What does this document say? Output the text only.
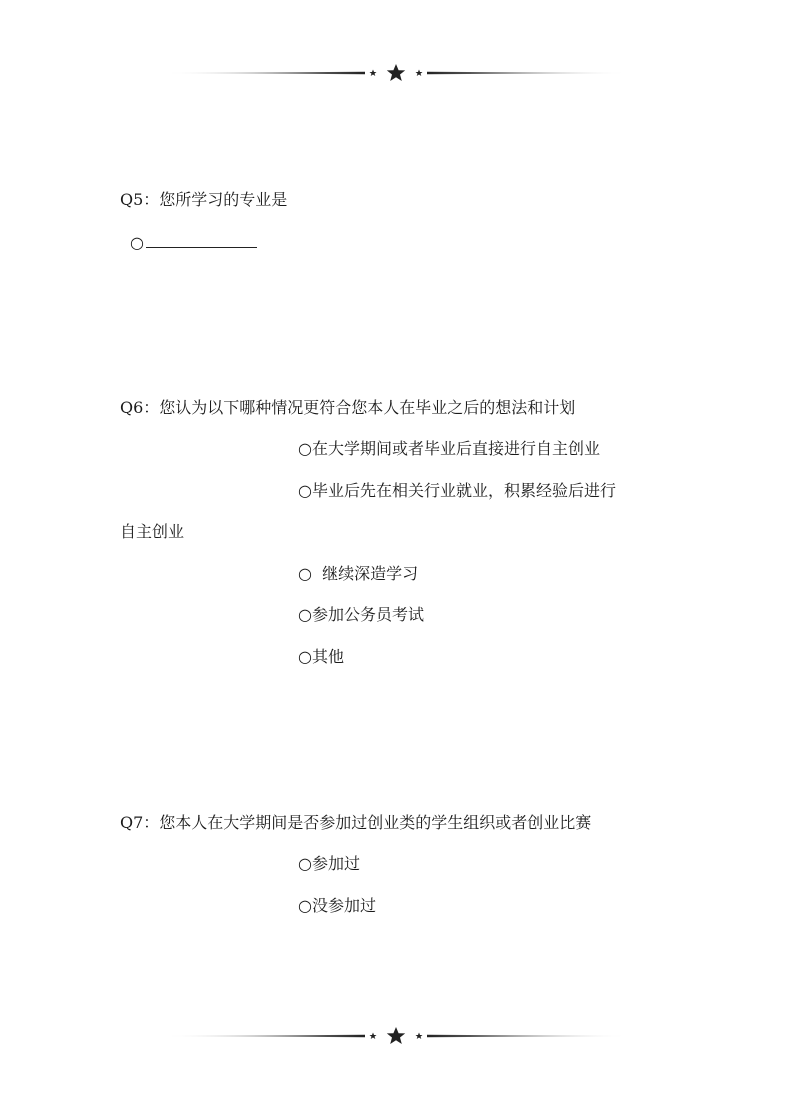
Q5：您所学习的专业是
○
Q6：您认为以下哪种情况更符合您本人在毕业之后的想法和计划
○在大学期间或者毕业后直接进行自主创业
○毕业后先在相关行业就业，积累经验后进行
自主创业
○  继续深造学习
○参加公务员考试
○其他
Q7：您本人在大学期间是否参加过创业类的学生组织或者创业比赛
○参加过
○没参加过
